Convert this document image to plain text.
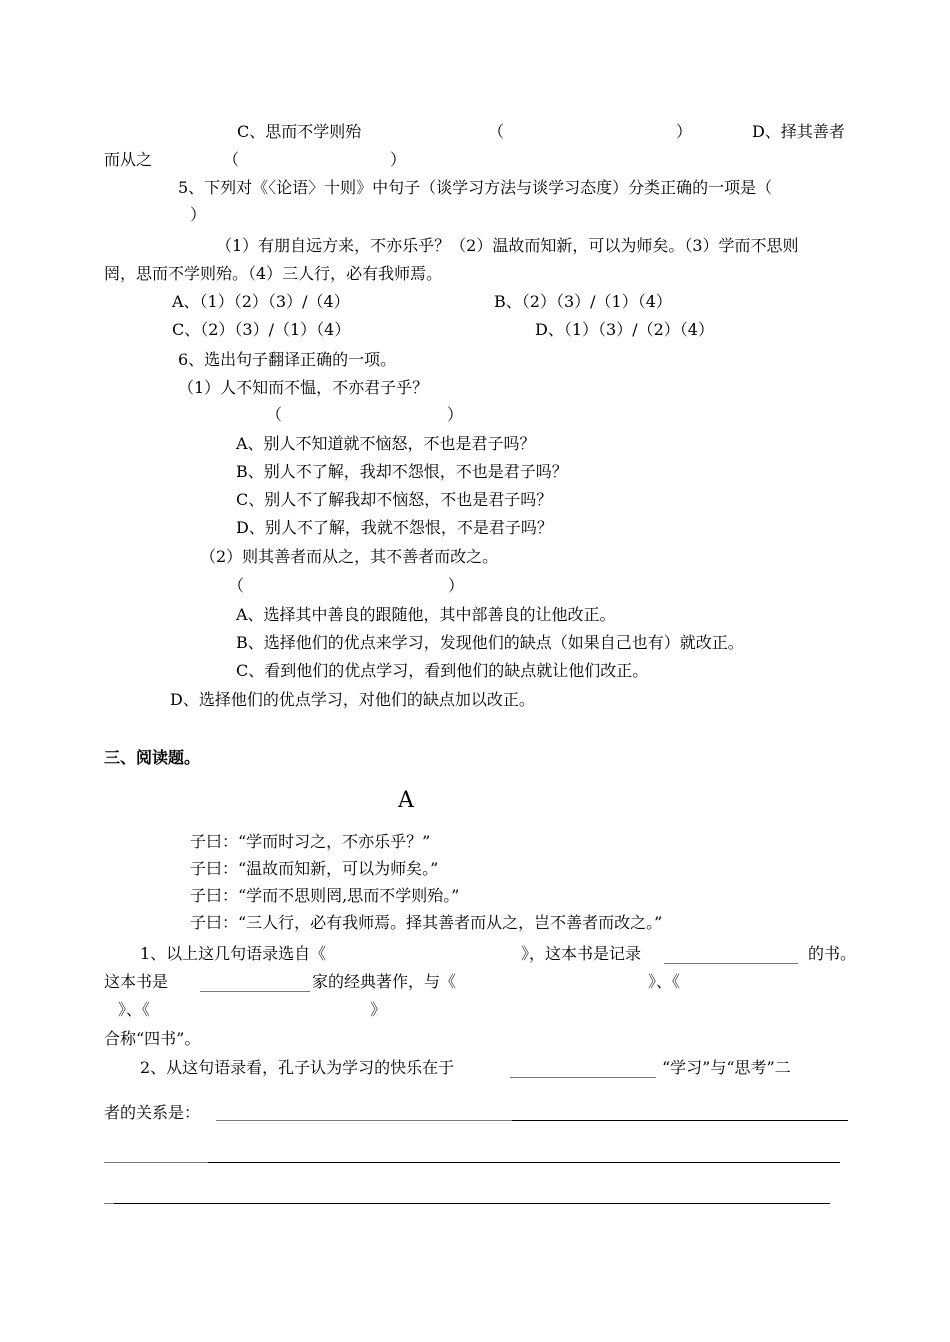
C、思而不学则殆	（	）	D、择其善者
而从之	（	）
5、下列对《〈论语〉十则》中句子（谈学习方法与谈学习态度）分类正确的一项是（
）
（1）有朋自远方来，不亦乐乎？（2）温故而知新，可以为师矣。（3）学而不思则
罔，思而不学则殆。（4）三人行，必有我师焉。
A、（1）（2）（3）/（4）	B、（2）（3）/（1）（4）
C、（2）（3）/（1）（4）	D、（1）（3）/（2）（4）
6、选出句子翻译正确的一项。
（1）人不知而不愠，不亦君子乎？
（	）
A、别人不知道就不恼怒，不也是君子吗？
B、别人不了解，我却不怨恨，不也是君子吗？
C、别人不了解我却不恼怒，不也是君子吗？
D、别人不了解，我就不怨恨，不是君子吗？
（2）则其善者而从之，其不善者而改之。
（	）
A、选择其中善良的跟随他，其中部善良的让他改正。
B、选择他们的优点来学习，发现他们的缺点（如果自己也有）就改正。
C、看到他们的优点学习，看到他们的缺点就让他们改正。
D、选择他们的优点学习，对他们的缺点加以改正。
三、阅读题。
A
子曰：“学而时习之，不亦乐乎？”
子曰：“温故而知新，可以为师矣。”
子曰：“学而不思则罔,思而不学则殆。”
子曰：“三人行，必有我师焉。择其善者而从之，岂不善者而改之。”
1、以上这几句语录选自《	》，这本书是记录	的书。
这本书是	家的经典著作，与《	》、《
》、《	》
合称“四书”。
2、从这句语录看，孔子认为学习的快乐在于	“学习”与“思考”二
者的关系是：
